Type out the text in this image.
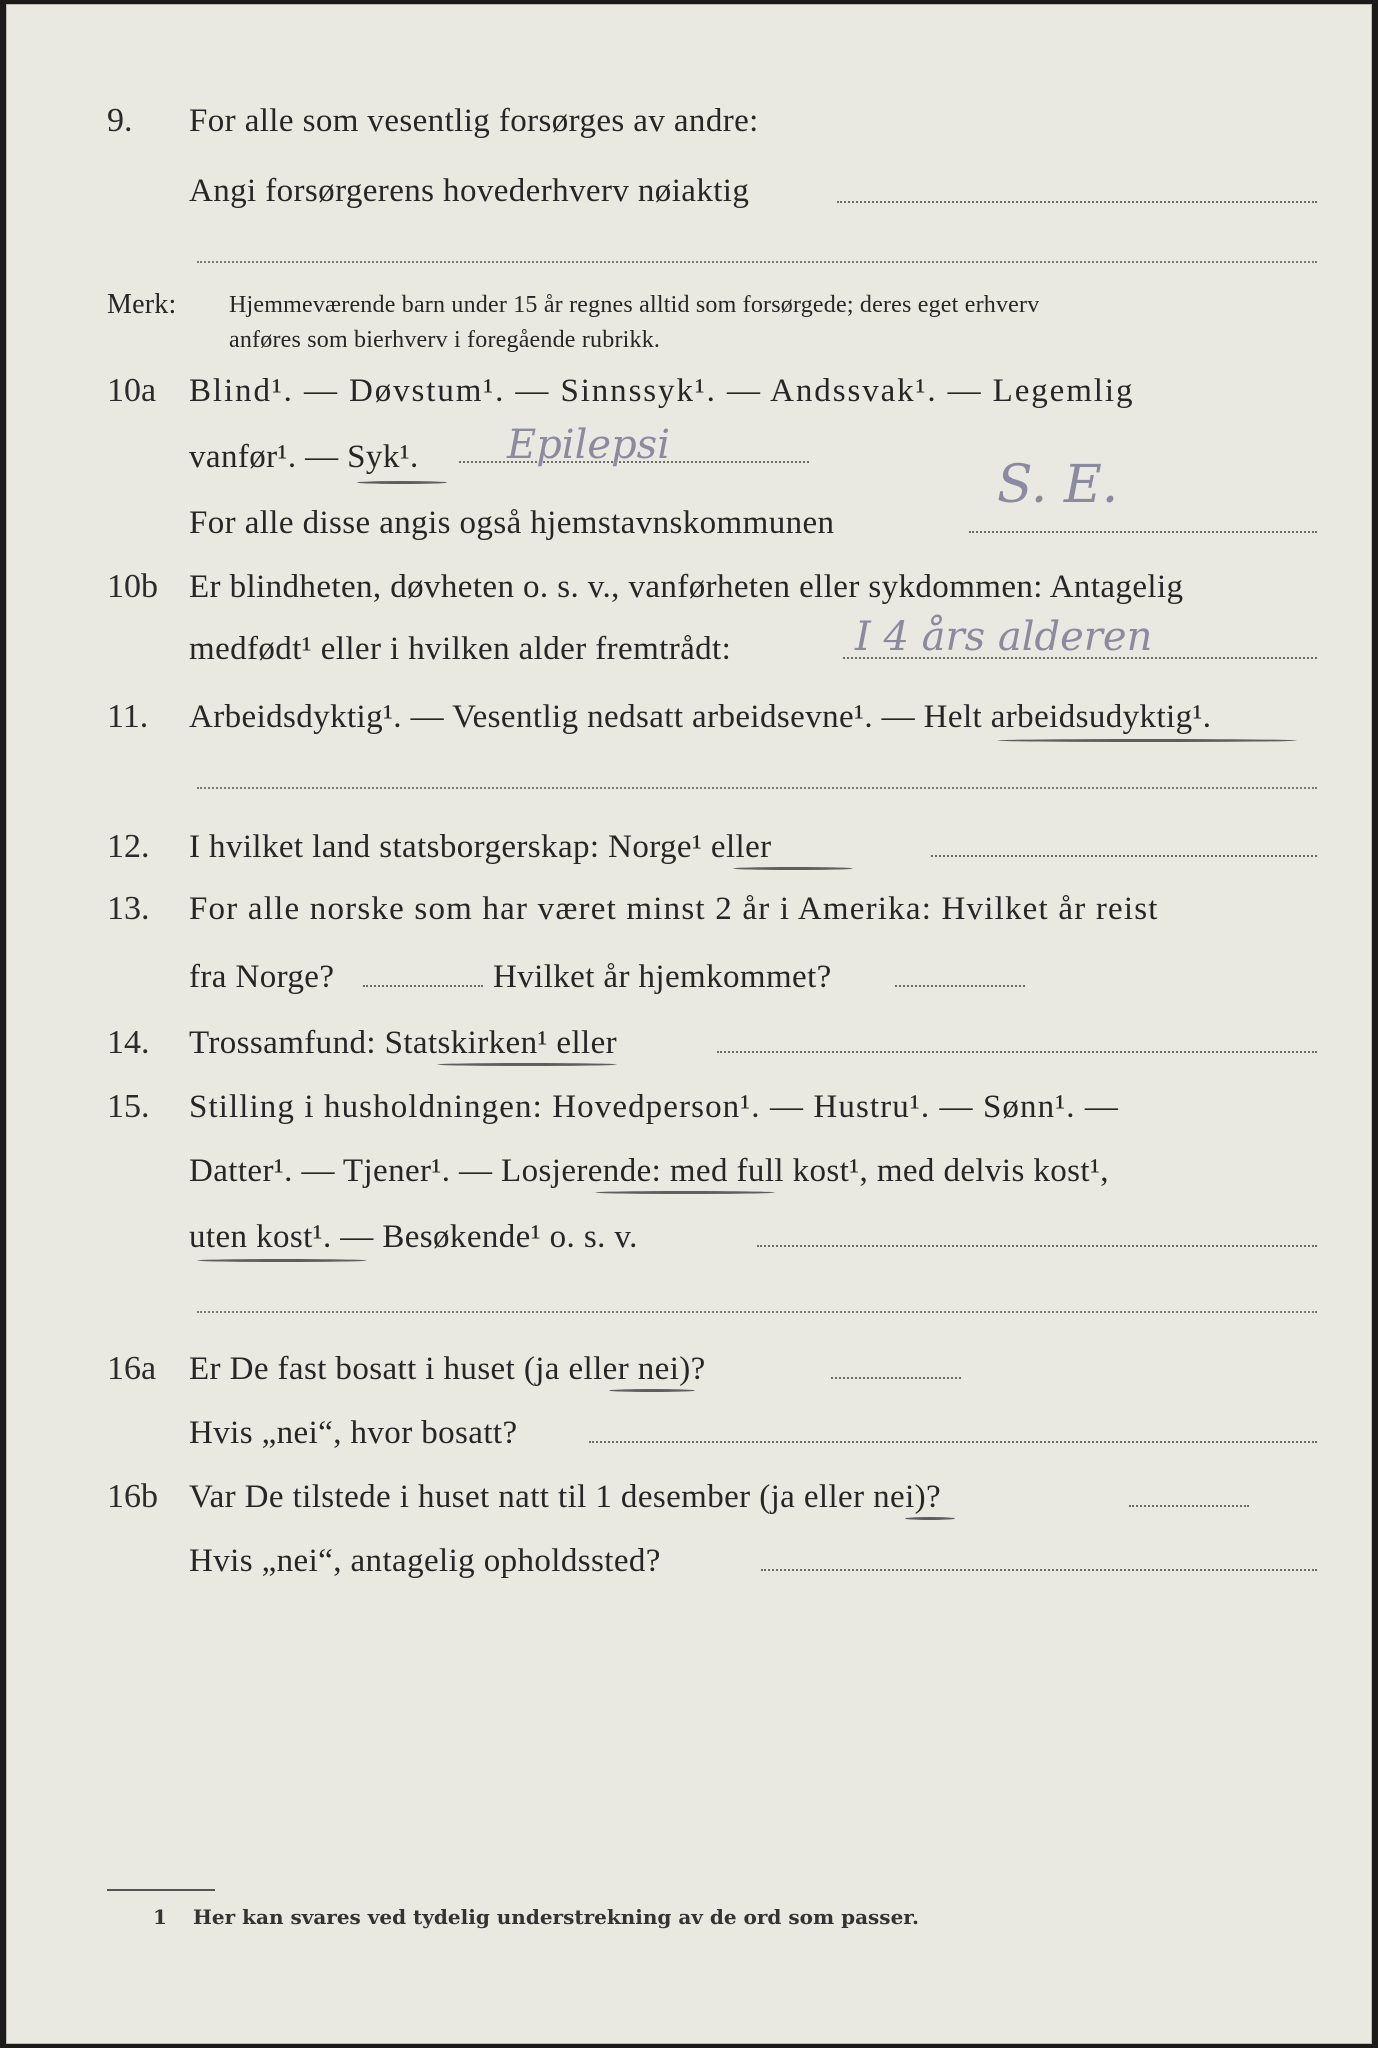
9. For alle som vesentlig forsørges av andre:
Angi forsørgerens hovederhverv nøiaktig
Merk: Hjemmeværende barn under 15 år regnes alltid som forsørgede; deres eget erhverv
anføres som bierhverv i foregående rubrikk.
10a Blind¹. — Døvstum¹. — Sinnssyk¹. — Andssvak¹. — Legemlig
vanfør¹. — Syk¹. Epilepsi
For alle disse angis også hjemstavnskommunen
S. E.
10b Er blindheten, døvheten o. s. v., vanførheten eller sykdommen: Antagelig
medfødt¹ eller i hvilken alder fremtrådt:	I 4 års alderen
11. Arbeidsdyktig¹. — Vesentlig nedsatt arbeidsevne¹. — Helt arbeidsudyktig¹.
12. I hvilket land statsborgerskap: Norge¹ eller
13. For alle norske som har været minst 2 år i Amerika: Hvilket år reist
fra Norge?	Hvilket år hjemkommet?
14. Trossamfund: Statskirken¹ eller
15. Stilling i husholdningen: Hovedperson¹. — Hustru¹. — Sønn¹. —
Datter¹. — Tjener¹. — Losjerende: med full kost¹, med delvis kost¹,
uten kost¹. — Besøkende¹ o. s. v.
16a Er De fast bosatt i huset (ja eller nei)?
Hvis „nei“, hvor bosatt?
16b Var De tilstede i huset natt til 1 desember (ja eller nei)?
Hvis „nei“, antagelig opholdssted?
1 Her kan svares ved tydelig understrekning av de ord som passer.
